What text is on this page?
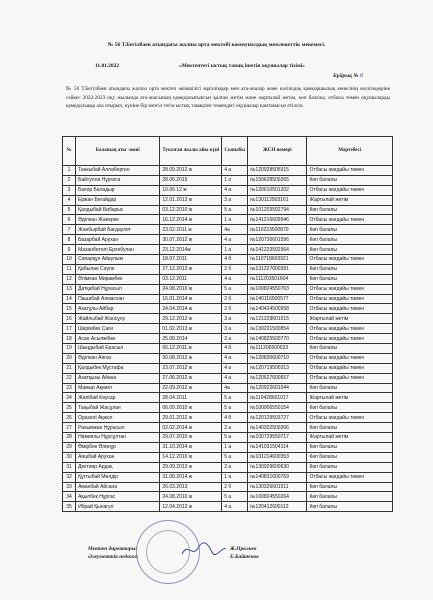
№ 56 Т.Бегілбаев атындағы жалпы орта мектебі коммуналдық мемлекеттік мекемесі.
11.01.2022	«Мектептегі ыстық тамақ ішетін оқушылар тізімі»
Бұйрық № 6
№ 56 Т.Бегілбаев атындағы жалпы орта мектеп әкімшілігі мұғалімдер мен ата-аналар және кәсіподақ қамқоршылық кенесінің келісімдеріне сәйкес 2022-2023 оқу жылында ата-анасының қамқорлығынсыз қалған жетім және жартылай жетім, көп балалы, отбасы төмен оқушыларды қамқорлыққа ала отырып, күніне бір мезгіл тегін ыстық тамақпен төмендегі оқушылар қамтамасыз етілсін.
№	Баланың аты -жөні	Туылған жылы айы күні	Сыныбы	ЖСН номері	Мәртебесі
1	Танкыбай Аллаберген	28.09.2012 ж	4 а	№120928505915	Отбасы жағдайы төмен
2	Байтулла Нұргиса	28.06.2015	1 о	№150628500265	Көп балалы
3	Бахор Баладыр	10.06.12 ж	4 а	№120610501202	Отбасы жағдайы төмен
4	Ержан Бегайдар	12.01.2013 ж	3 а	№130112503161	Жартылай жетім
5	Қалдыбай Бибарыс	03.12.2010 ж	5 а	№101203502794	Көп балалы
6	Әділхан Жанерке	16.12.2014 ж	1 а	№141216609946	Отбасы жағдайы төмен
7	Жанбырбай Бағдаулет	23.02.2011 ж	4а	№110223500870	Көп балалы
8	Базарбай Арухан	30.07.2012 ж	4 а	№120730601596	Көп балалы
9	Маханбетәлі Ерхебулан	23.12.2014ж	1 а	№141223502964	Көп балалы
10	Сапарқұл Айаулым	18.07.2011	4 б	№110718603921	Отбасы жағдайы төмен
11	Қабылан Сәуле	27.12.2013 ж	2 б	№131227600391	Көп балалы
12	Әлімхан Мирамбек	03.12.2011	4 а	№111203501604	Көп балалы
13	Датқабай Нұрасыл	24.08.2010 ж	5 а	№100824550763	Отбасы жағдайы төмен
14	Пашабай Алмасхан	16.01.2014 ж	2 б	№140116500577	Отбасы жағдайы төмен
15	Азатұлы Айбар	24.04.2014 ж	2 б	№140424500958	Отбасы жағдайы төмен
16	Жайлыбай Жансұлу	29.12.2012 ж	3 а	№121229601015	Жартылай жетім
17	Шерімбек Сағи	01.02.2013 ж	3 а	№130221500854	Отбасы жағдайы төмен
18	Асан Асылжібек	25.08.2014	2 а	№140825500770	Отбасы жағдайы төмен
19	Шыңдыбай Ерасыл	06.12.2011 ж	4 б	№111206500533	Көп балалы
20	Әділхан Аягөз	30.08.2012 ж	4 а	№120830600710	Отбасы жағдайы төмен
21	Қалдыбек Мұстафа	23.07.2012 ж	4 а	№120719500313	Отбасы жағдайы төмен
22	Азатқызы Айана	27.06.2012 ж	4 а	№120627600657	Отбасы жағдайы төмен
23	Мамыр Ақниет	22.09.2012 ж	4а	№120922601044	Көп балалы
24	Жалібай Кәусар	28.04.2011	5 а	№110428601017	Жартылай жетім
25	Таңыбай Жасұлан	06.09.2010 ж	5 а	№100906550154	Көп балалы
26	Оразәлі Ақжол	29.01.2012 ж	4 б	№120129503727	Отбасы жағдайы төмен
27	Рахымжан Нұрасыл	02.02.2014 ж	2 а	№140202500306	Көп балалы
28	Намиялы Нұрсұлтан	29.07.2010 ж	5 а	№100729550717	Жартылай жетім
29	Өмірбек Әлинұр	31.10.2014 ж	1 а	№141031504114	Көп балалы
30	Аяшбай Арухан	14.12.2010 ж	5 а	№101214600353	Көп балалы
31	Дектияр Ардақ	29.09.2013 ж	2 а	№130929600630	Көп балалы
32	Құттыбай Мөлдір	31.08.2014 ж	1 а	№140831600769	Отбасы жағдайы төмен
33	Аманбай Айсана	26.03.2013	2 б	№130326601511	Көп балалы
34	Ақылбек Нұргас	24.08.2010 ж	5 а	№100824550264	Көп балалы
35	Ибрай Қынагул	12.04.2012 ж	4 а	№120412600112	Көп балалы
Мектеп директоры:	Ж.Пралиев
Әлеуметтік педагог:	Е.Байтенов
